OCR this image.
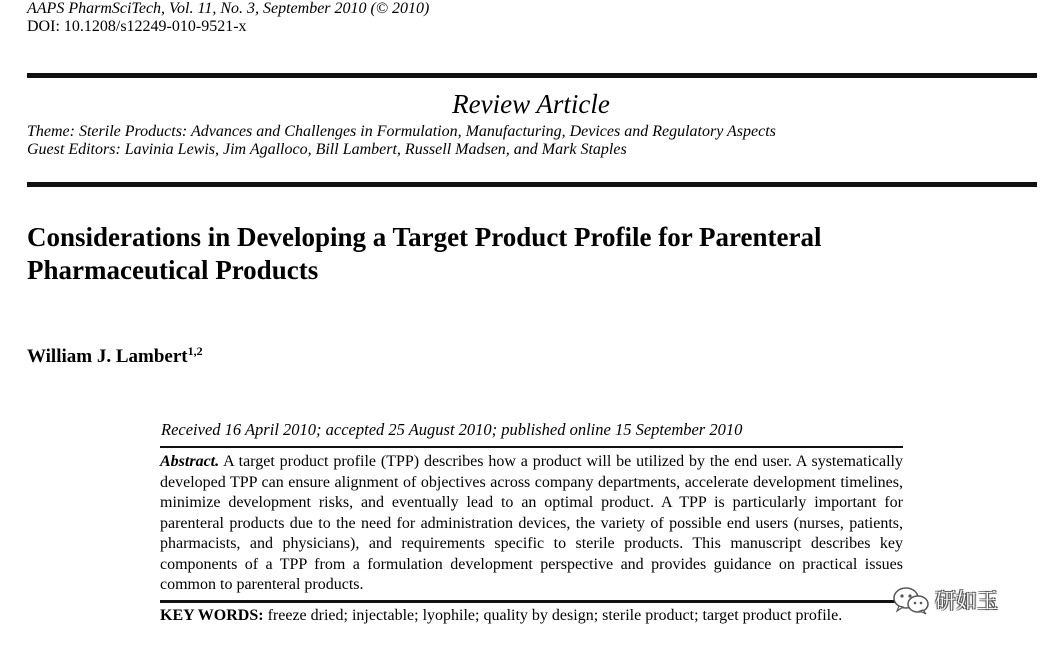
AAPS PharmSciTech, Vol. 11, No. 3, September 2010 (© 2010)
DOI: 10.1208/s12249-010-9521-x
Review Article
Theme: Sterile Products: Advances and Challenges in Formulation, Manufacturing, Devices and Regulatory Aspects
Guest Editors: Lavinia Lewis, Jim Agalloco, Bill Lambert, Russell Madsen, and Mark Staples
Considerations in Developing a Target Product Profile for Parenteral Pharmaceutical Products
William J. Lambert$^{1,2}$
Received 16 April 2010; accepted 25 August 2010; published online 15 September 2010
Abstract. A target product profile (TPP) describes how a product will be utilized by the end user. A systematically developed TPP can ensure alignment of objectives across company departments, accelerate development timelines, minimize development risks, and eventually lead to an optimal product. A TPP is particularly important for parenteral products due to the need for administration devices, the variety of possible end users (nurses, patients, pharmacists, and physicians), and requirements specific to sterile products. This manuscript describes key components of a TPP from a formulation development perspective and provides guidance on practical issues common to parenteral products.
KEY WORDS: freeze dried; injectable; lyophile; quality by design; sterile product; target product profile.
研如玉
